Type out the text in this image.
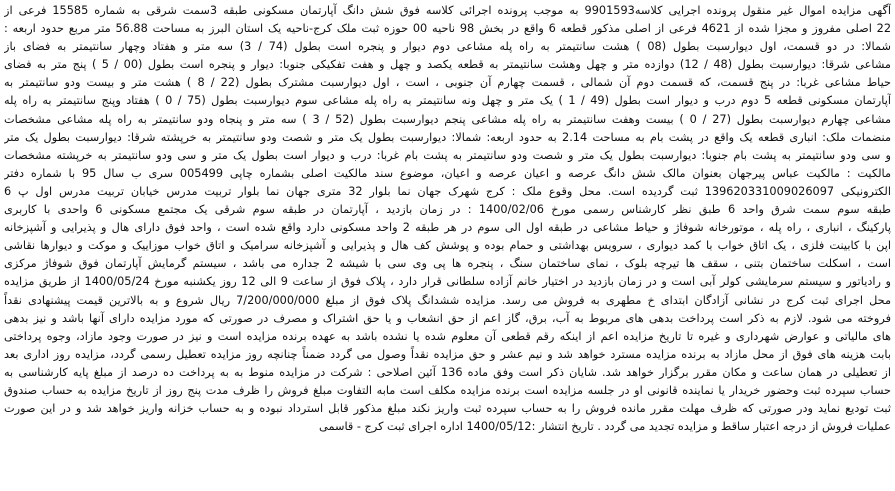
آگهی مزایده اموال غیر منقول پرونده اجرایی کلاسه9901593 به موجب پرونده اجرائی کلاسه فوق شش دانگ آپارتمان مسکونی طبقه 3سمت شرقی به شماره 15585 فرعی از
22 اصلی مفروز و مجزا شده از 4621 فرعی از اصلی مذکور قطعه 6 واقع در بخش 98 ناحیه 00 حوزه ثبت ملک کرج-ناحیه یک استان البرز به مساحت 56.88 متر مربع حدود اربعه :
شمالا: در دو قسمت، اول دیوارسبت بطول (08 ) هشت سانتیمتر به راه پله مشاعی دوم دیوار و پنجره است بطول (74 / 3) سه متر و هفتاد وچهار سانتیمتر به فضای باز
مشاعی شرقا: دیوارسبت بطول (48 / 12) دوازده متر و چهل وهشت سانتیمتر به قطعه یکصد و چهل و هفت تفکیکی جنوبا: دیوار و پنجره است بطول (00 / 5 ) پنج متر به فضای
حیاط مشاعی غربا: در پنج قسمت، که قسمت دوم آن شمالی ، قسمت چهارم آن جنوبی ، است ، اول دیوارسبت مشترک بطول (22 / 8 ) هشت متر و بیست ودو سانتیمتر به
آپارتمان مسکونی قطعه 5 دوم درب و دیوار است بطول (49 / 1 ) یک متر و چهل ونه سانتیمتر به راه پله مشاعی سوم دیوارسبت بطول (75 / 0 ) هفتاد وپنج سانتیمتر به راه پله
مشاعی چهارم دیوارسبت بطول (27 / 0 ) بیست وهفت سانتیمتر به راه پله مشاعی پنجم دیوارسبت بطول (52 / 3 ) سه متر و پنجاه ودو سانتیمتر به راه پله مشاعی مشخصات
منضمات ملک: انباری قطعه یک واقع در پشت بام به مساحت 2.14 به حدود اربعه: شمالا: دیوارسبت بطول یک متر و شصت ودو سانتیمتر به خرپشته شرقا: دیوارسبت بطول یک متر
و سی ودو سانتیمتر به پشت بام جنوبا: دیوارسبت بطول یک متر و شصت ودو سانتیمتر به پشت بام غربا: درب و دیوار است بطول یک متر و سی ودو سانتیمتر به خرپشته مشخصات
مالکیت : مالکیت عباس پیرجهان بعنوان مالک شش دانگ عرصه و اعیان عرصه و اعیان، موضوع سند مالکیت اصلی بشماره چاپی 005499 سری ب سال 95 با شماره دفتر
الکترونیکی 139620331009026097 ثبت گردیده است. محل وقوع ملک : کرج شهرک جهان نما بلوار 32 متری جهان نما بلوار تربیت مدرس خیابان تربیت مدرس اول پ 6
طبقه سوم سمت شرق واحد 6 طبق نظر کارشناس رسمی مورخ 1400/02/06 : در زمان بازدید ، آپارتمان در طبقه سوم شرقی یک مجتمع مسکونی 6 واحدی با کاربری
پارکینگ ، انباری ، راه پله ، موتورخانه شوفاژ و حیاط مشاعی در طبقه اول الی سوم در هر طبقه 2 واحد مسکونی دارد واقع شده است ، واحد فوق دارای هال و پذیرایی و آشپزخانه
اپن با کابینت فلزی ، یک اتاق خواب با کمد دیواری ، سرویس بهداشتی و حمام بوده و پوشش کف هال و پذیرایی و آشپزخانه سرامیک و اتاق خواب موزاییک و موکت و دیوارها نقاشی
است ، اسکلت ساختمان بتنی ، سقف ها تیرچه بلوک ، نمای ساختمان سنگ ، پنجره ها پی وی سی با شیشه 2 جداره می باشد ، سیستم گرمایش آپارتمان فوق شوفاژ مرکزی
و رادیاتور و سیستم سرمایشی کولر آبی است و در زمان بازدید در اختیار خانم آزاده سلطانی قرار دارد ، پلاک فوق از ساعت 9 الی 12 روز یکشنبه مورخ 1400/05/24 از طریق مزایده
محل اجرای ثبت کرج در نشانی آزادگان ابتدای خ مطهری به فروش می رسد. مزایده ششدانگ پلاک فوق از مبلغ 7/200/000/000 ریال شروع و به بالاترین قیمت پیشنهادی نقداً
فروخته می شود. لازم به ذکر است پرداخت بدهی های مربوط به آب، برق، گاز اعم از حق انشعاب و یا حق اشتراک و مصرف در صورتی که مورد مزایده دارای آنها باشد و نیز بدهی
های مالیاتی و عوارض شهرداری و غیره تا تاریخ مزایده اعم از اینکه رقم قطعی آن معلوم شده یا نشده باشد به عهده برنده مزایده است و نیز در صورت وجود مازاد، وجوه پرداختی
بابت هزینه های فوق از محل مازاد به برنده مزایده مسترد خواهد شد و نیم عشر و حق مزایده نقداً وصول می گردد ضمناً چنانچه روز مزایده تعطیل رسمی گردد، مزایده روز اداری بعد
از تعطیلی در همان ساعت و مکان مقرر برگزار خواهد شد. شایان ذکر است وفق ماده 136 آئین اصلاحی : شرکت در مزایده منوط به به پرداخت ده درصد از مبلغ پایه کارشناسی به
حساب سپرده ثبت وحضور خریدار یا نماینده قانونی او در جلسه مزایده است برنده مزایده مکلف است مابه التفاوت مبلغ فروش را ظرف مدت پنج روز از تاریخ مزایده به حساب صندوق
ثبت تودیع نماید ودر صورتی که ظرف مهلت مقرر مانده فروش را به حساب سپرده ثبت واریز نکند مبلغ مذکور قابل استرداد نبوده و به حساب خزانه واریز خواهد شد و در این صورت
عملیات فروش از درجه اعتبار ساقط و مزایده تجدید می گردد . تاریخ انتشار :1400/05/12 اداره اجرای ثبت کرج - قاسمی
